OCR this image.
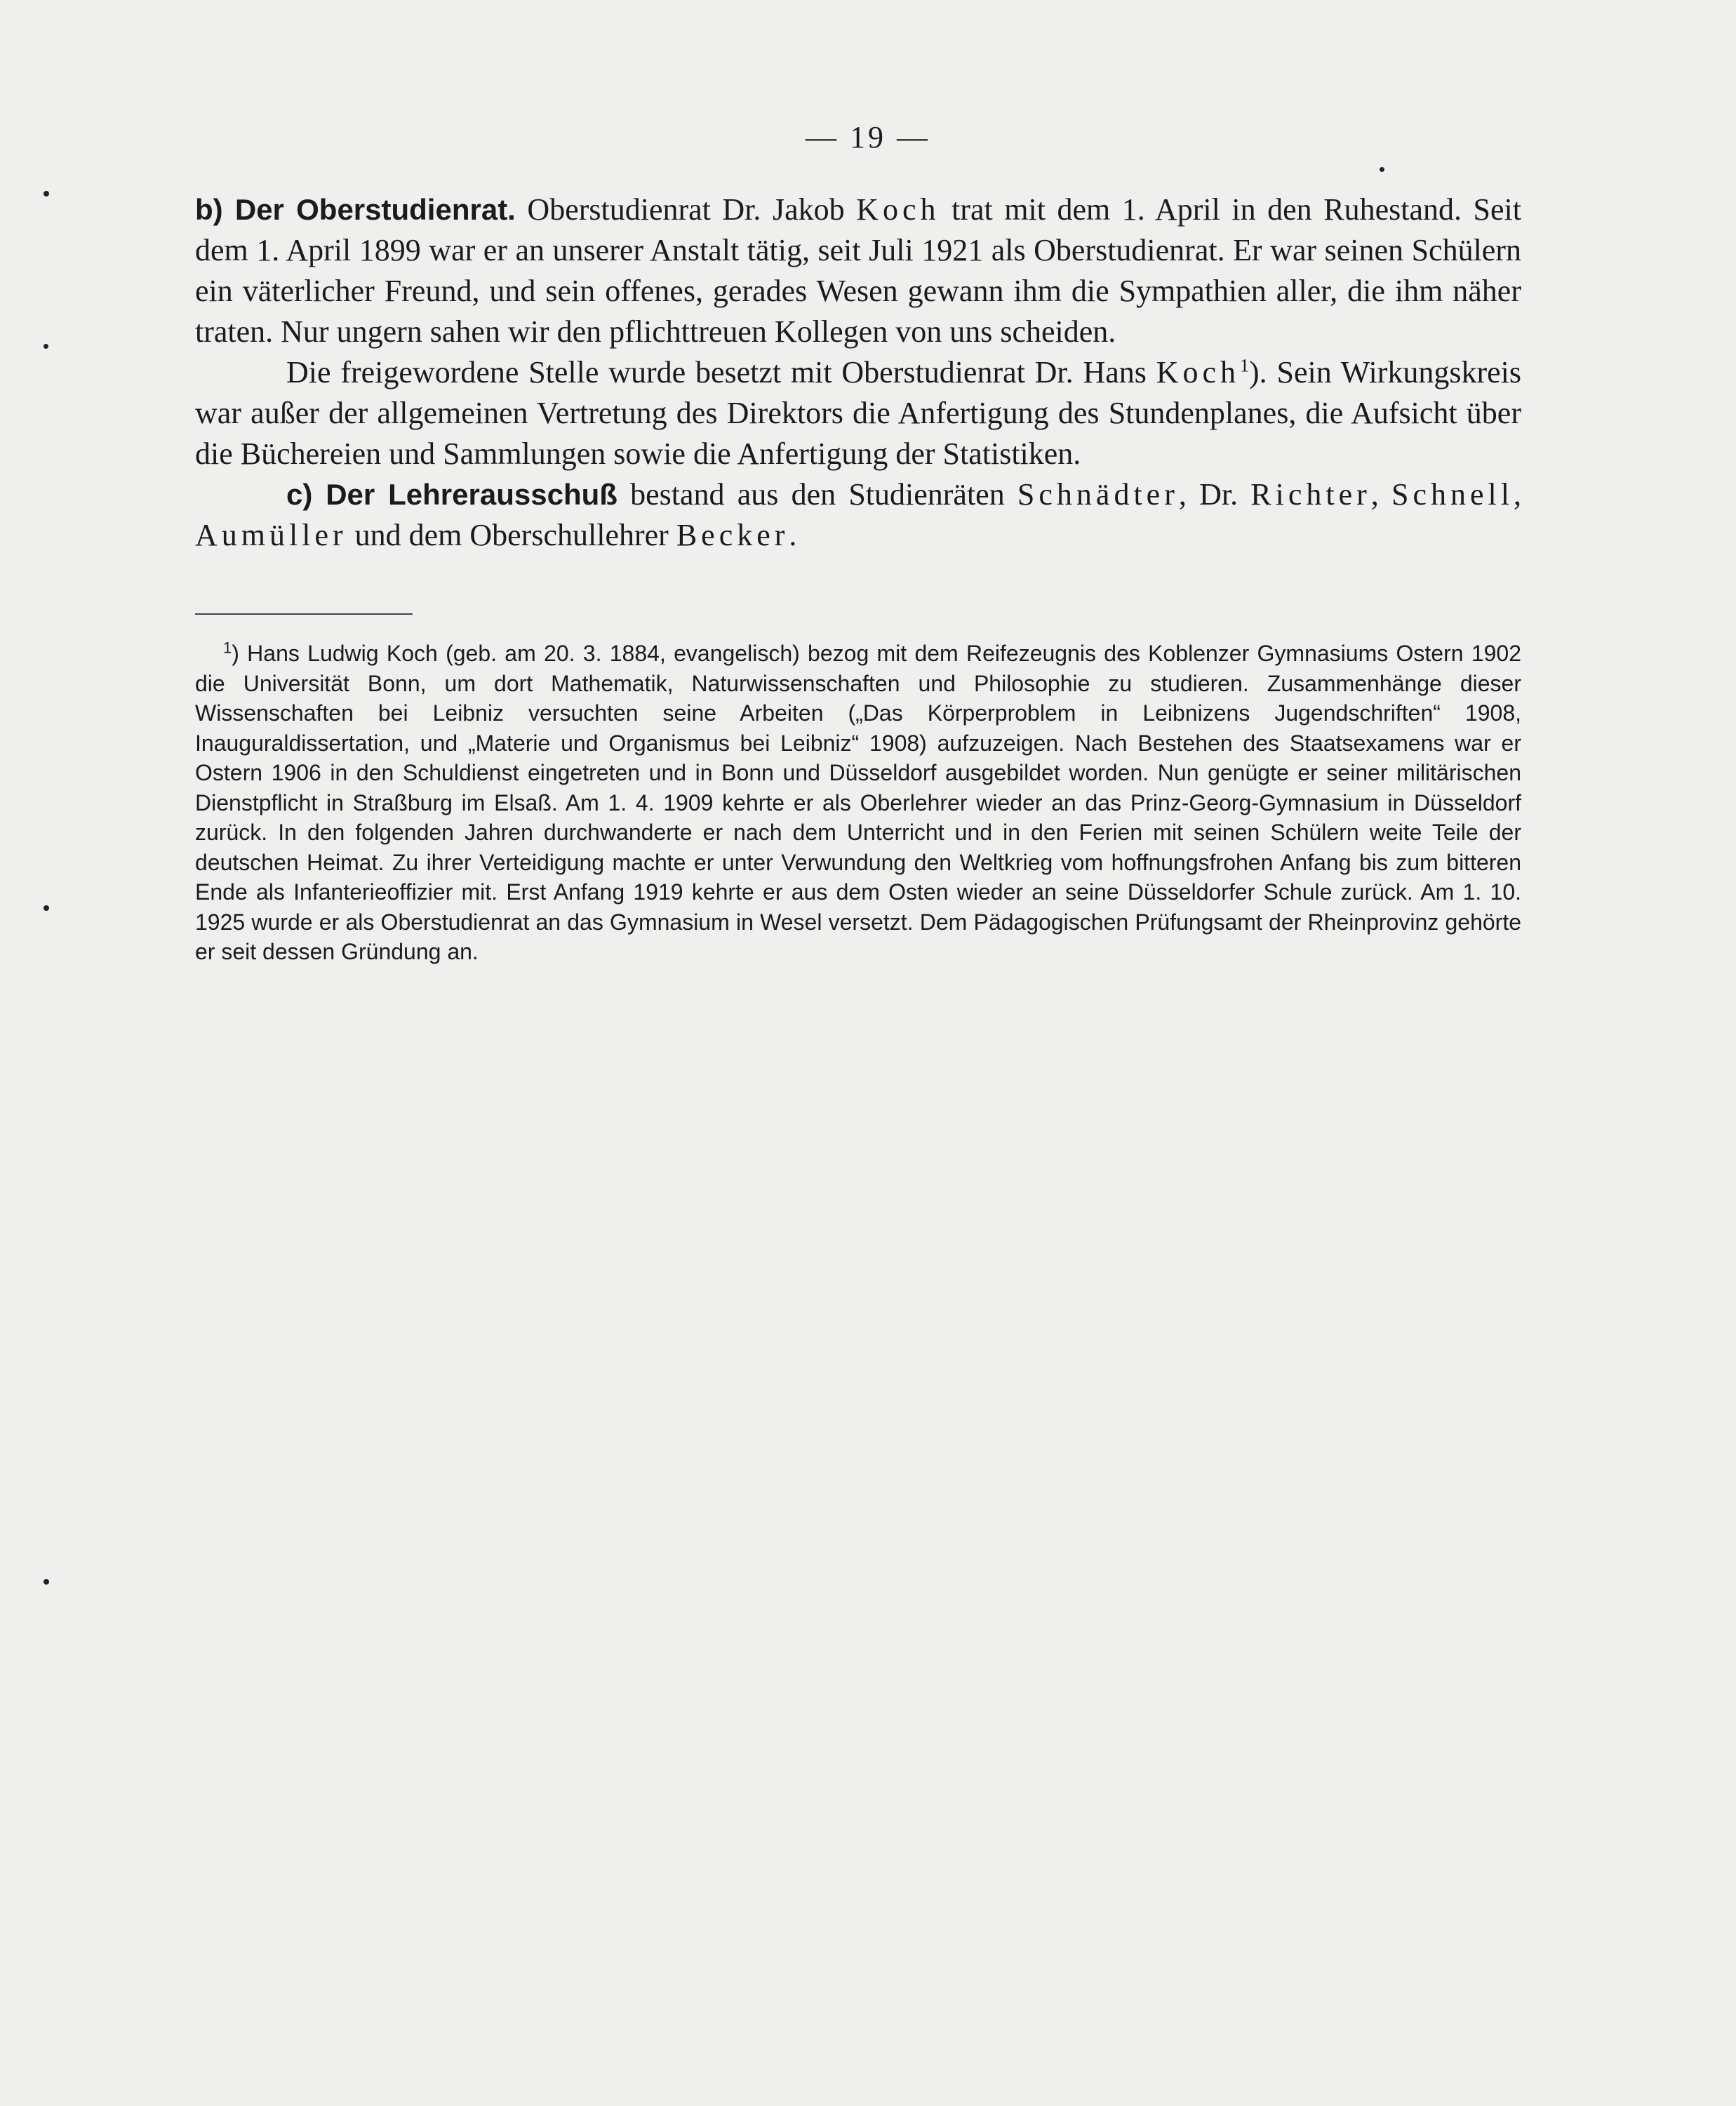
— 19 —

b) Der Oberstudienrat. Oberstudienrat Dr. Jakob Koch trat mit dem 1. April in den Ruhestand. Seit dem 1. April 1899 war er an unserer Anstalt tätig, seit Juli 1921 als Oberstudienrat. Er war seinen Schülern ein väterlicher Freund, und sein offenes, gerades Wesen gewann ihm die Sympathien aller, die ihm näher traten. Nur ungern sahen wir den pflichttreuen Kollegen von uns scheiden.

Die freigewordene Stelle wurde besetzt mit Oberstudienrat Dr. Hans Koch$^1$). Sein Wirkungskreis war außer der allgemeinen Vertretung des Direktors die Anfertigung des Stundenplanes, die Aufsicht über die Büchereien und Sammlungen sowie die Anfertigung der Statistiken.

c) Der Lehrerausschuß bestand aus den Studienräten Schnädter, Dr. Richter, Schnell, Aumüller und dem Oberschullehrer Becker.

$^1$) Hans Ludwig Koch (geb. am 20. 3. 1884, evangelisch) bezog mit dem Reifezeugnis des Koblenzer Gymnasiums Ostern 1902 die Universität Bonn, um dort Mathematik, Naturwissenschaften und Philosophie zu studieren. Zusammenhänge dieser Wissenschaften bei Leibniz versuchten seine Arbeiten („Das Körperproblem in Leibnizens Jugendschriften“ 1908, Inauguraldissertation, und „Materie und Organismus bei Leibniz“ 1908) aufzuzeigen. Nach Bestehen des Staatsexamens war er Ostern 1906 in den Schuldienst eingetreten und in Bonn und Düsseldorf ausgebildet worden. Nun genügte er seiner militärischen Dienstpflicht in Straßburg im Elsaß. Am 1. 4. 1909 kehrte er als Oberlehrer wieder an das Prinz-Georg-Gymnasium in Düsseldorf zurück. In den folgenden Jahren durchwanderte er nach dem Unterricht und in den Ferien mit seinen Schülern weite Teile der deutschen Heimat. Zu ihrer Verteidigung machte er unter Verwundung den Weltkrieg vom hoffnungsfrohen Anfang bis zum bitteren Ende als Infanterieoffizier mit. Erst Anfang 1919 kehrte er aus dem Osten wieder an seine Düsseldorfer Schule zurück. Am 1. 10. 1925 wurde er als Oberstudienrat an das Gymnasium in Wesel versetzt. Dem Pädagogischen Prüfungsamt der Rheinprovinz gehörte er seit dessen Gründung an.
